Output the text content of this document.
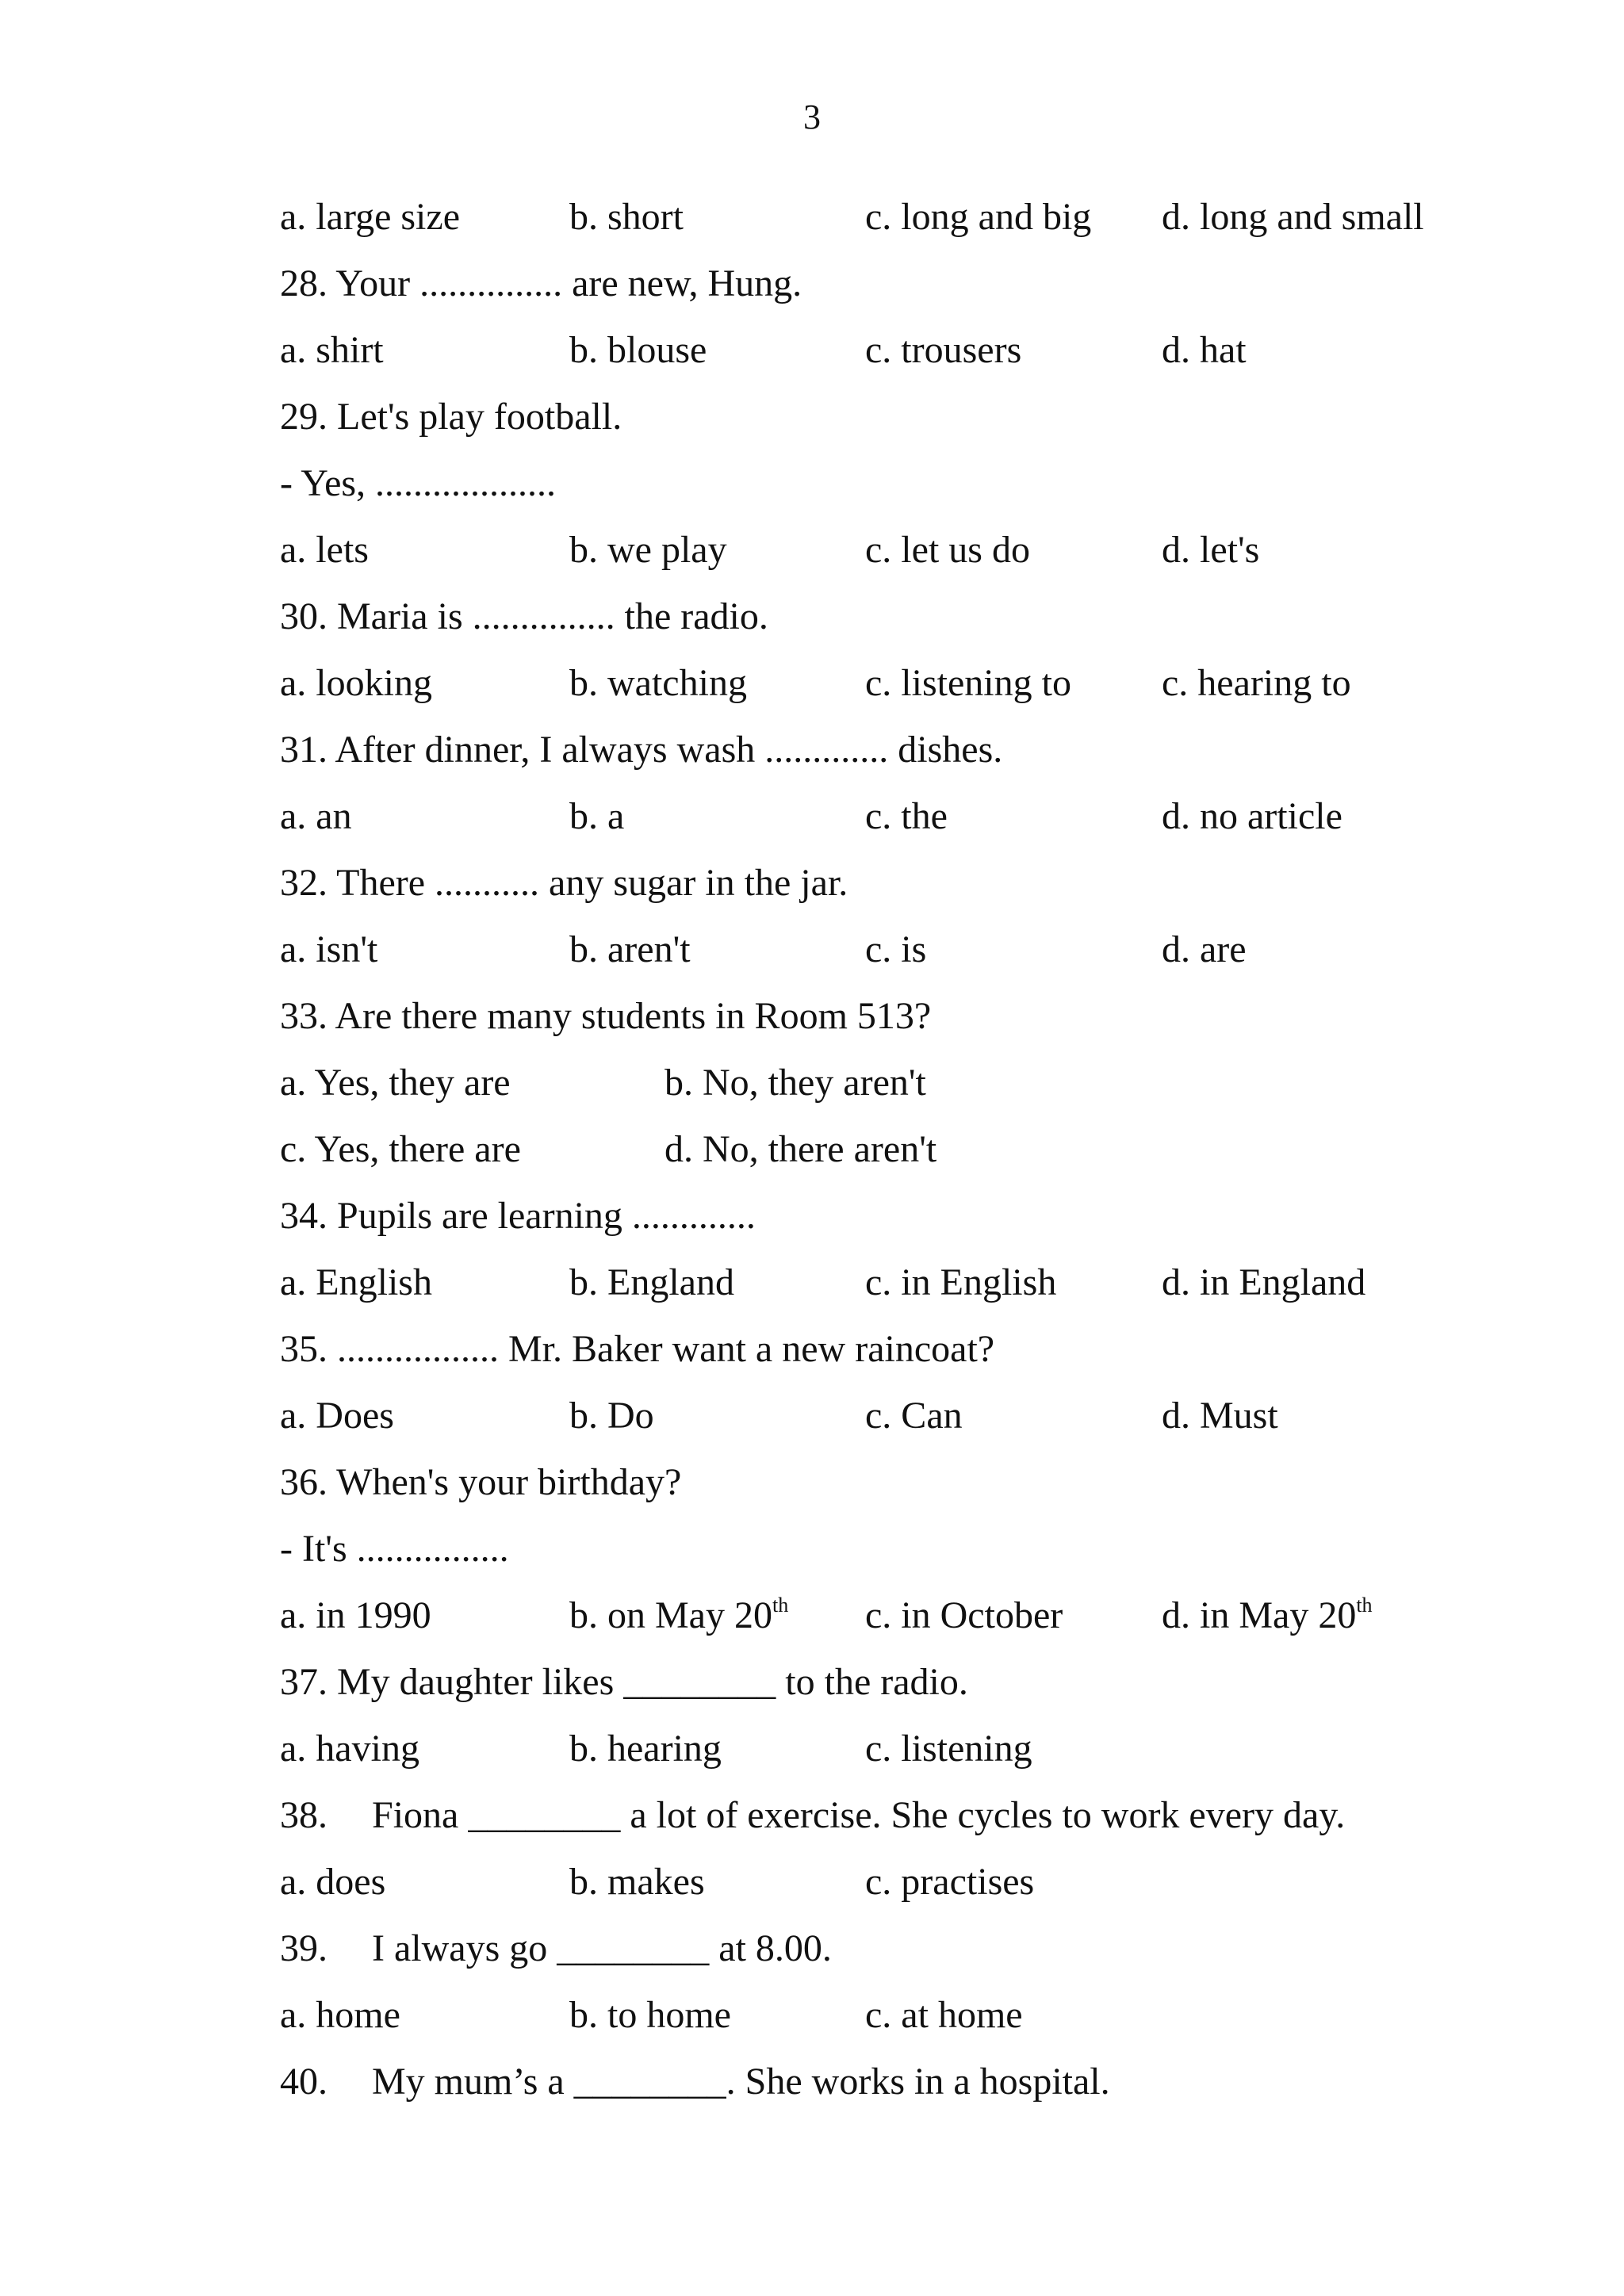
3
a. large size	b. short	c. long and big d. long and small
28. Your ............... are new, Hung.
a. shirt	b. blouse	c. trousers	d. hat
29. Let's play football.
- Yes, ...................
a. lets	b. we play	c. let us do	d. let's
30. Maria is ............... the radio.
a. looking	b. watching	c. listening to c. hearing to
31. After dinner, I always wash ............. dishes.
a. an	b. a	c. the	d. no article
32. There ........... any sugar in the jar.
a. isn't	b. aren't	c. is	d. are
33. Are there many students in Room 513?
a. Yes, they are	b. No, they aren't
c. Yes, there are	d. No, there aren't
34. Pupils are learning .............
a. English	b. England	c. in English	d. in England
35. ................. Mr. Baker want a new raincoat?
a. Does	b. Do	c. Can	d. Must
36. When's your birthday?
- It's ................
a. in 1990	b. on May 20th c. in October	d. in May 20th
37. My daughter likes ________ to the radio.
a. having	b. hearing	c. listening
38. Fiona ________ a lot of exercise. She cycles to work every day.
a. does	b. makes	c. practises
39. I always go ________ at 8.00.
a. home	b. to home	c. at home
40. My mum’s a ________. She works in a hospital.
